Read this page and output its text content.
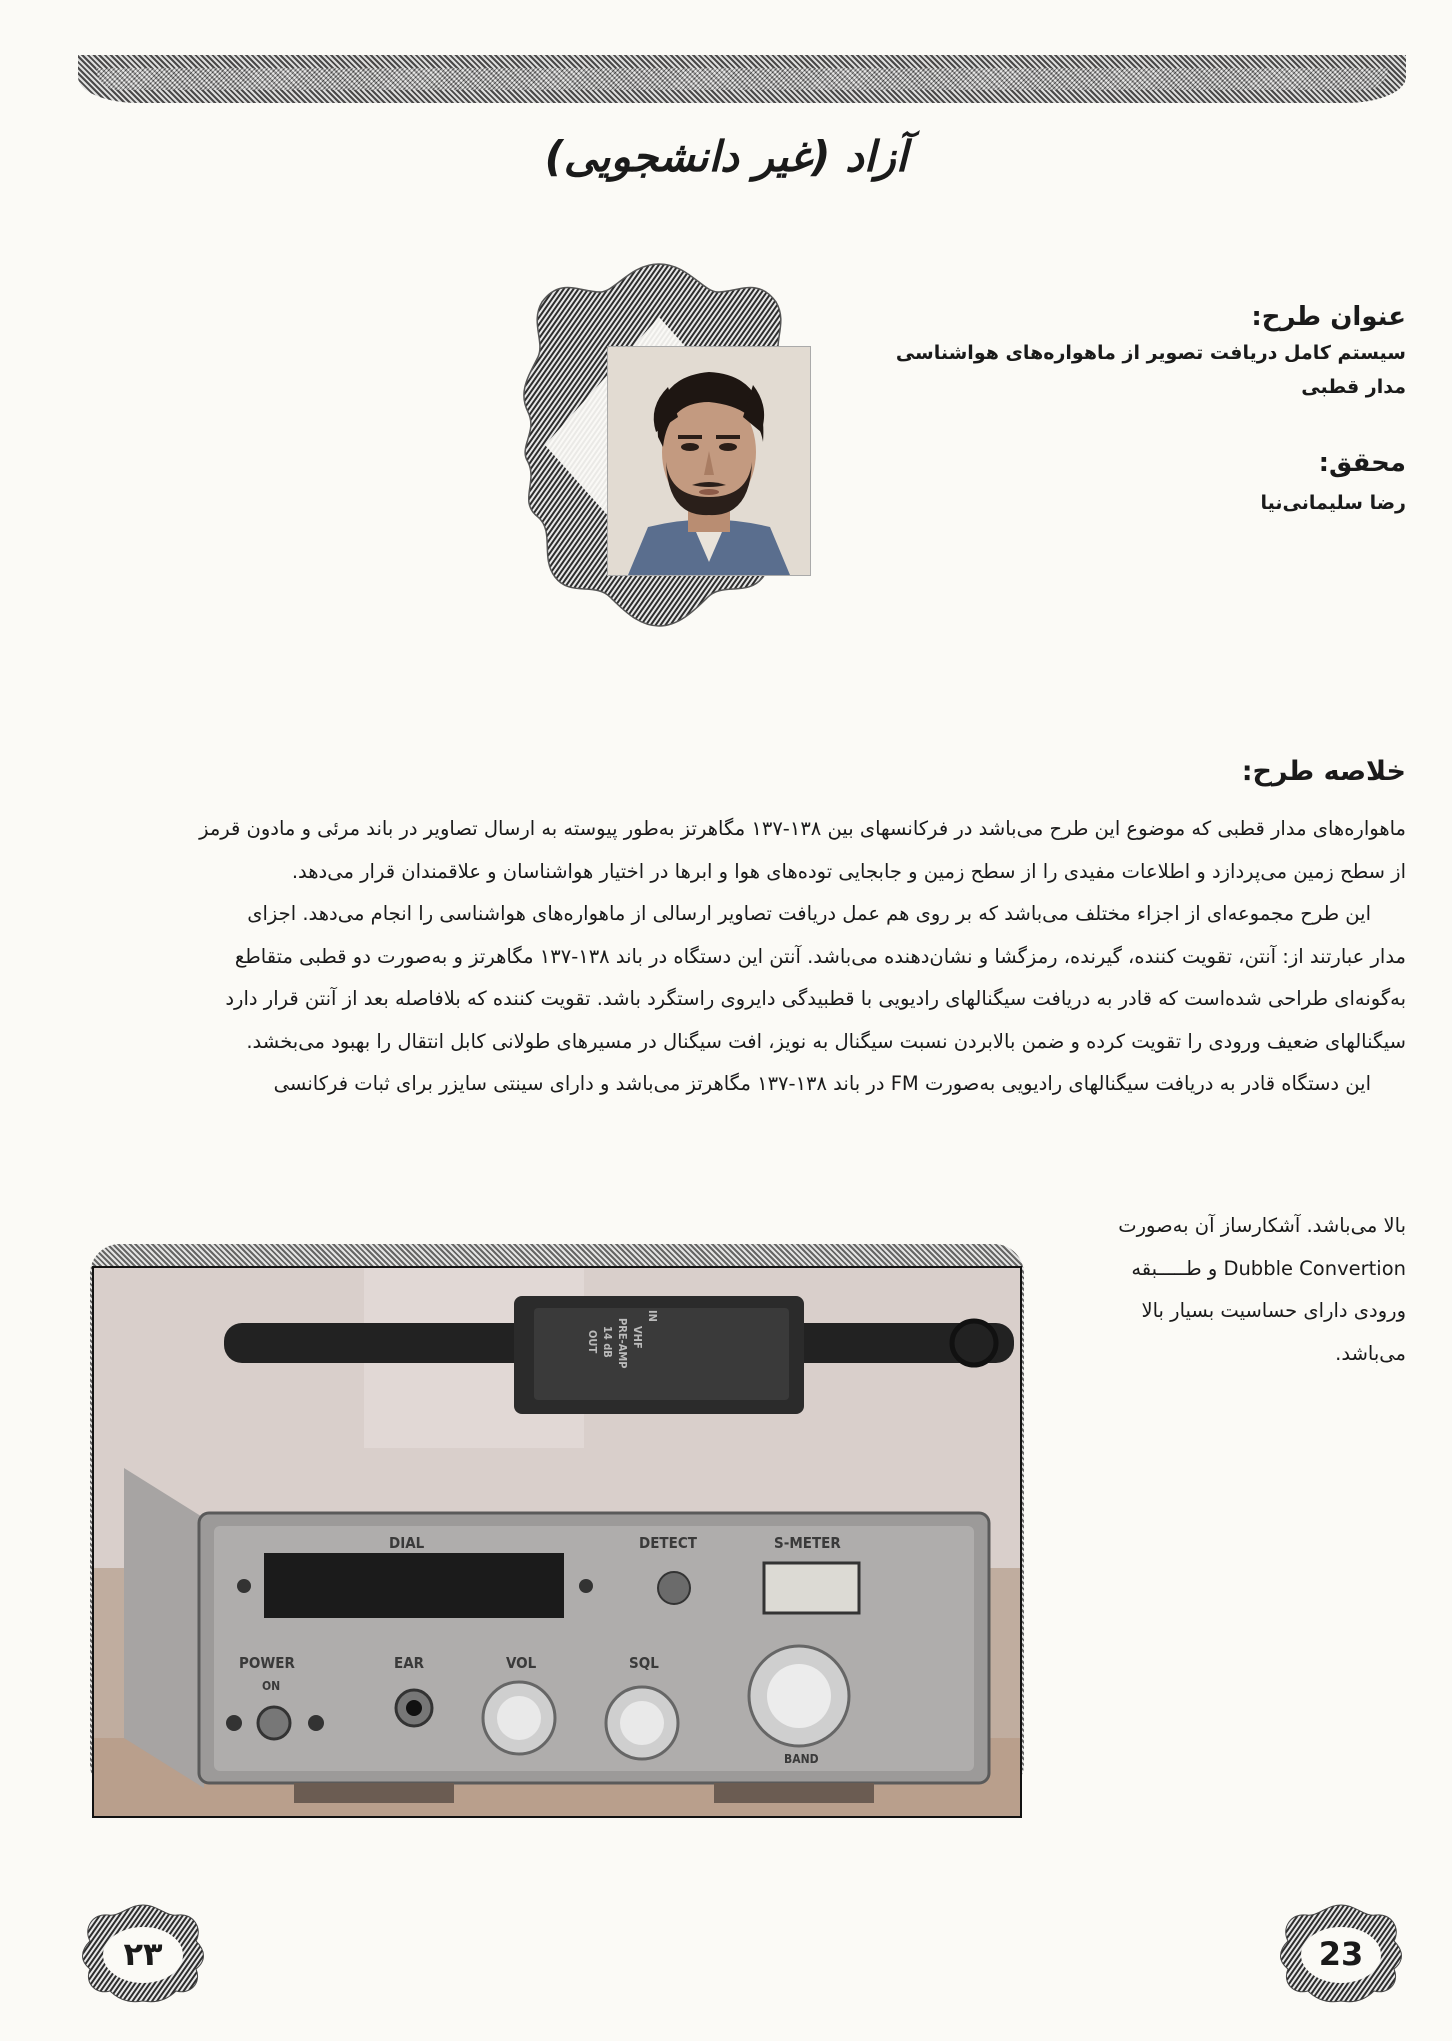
آزاد (غیر دانشجویی)
عنوان طرح:
سیستم کامل دریافت تصویر از ماهواره‌های هواشناسی
مدار قطبی
محقق:
رضا سلیمانی‌نیا
خلاصه طرح:

ماهواره‌های مدار قطبی که موضوع این طرح می‌باشد در فرکانسهای بین ۱۳۸-۱۳۷ مگاهرتز به‌طور پیوسته به ارسال تصاویر در باند مرئی و مادون قرمز

از سطح زمین می‌پردازد و اطلاعات مفیدی را از سطح زمین و جابجایی توده‌های هوا و ابرها در اختیار هواشناسان و علاقمندان قرار می‌دهد.

این طرح مجموعه‌ای از اجزاء مختلف می‌باشد که بر روی هم عمل دریافت تصاویر ارسالی از ماهواره‌های هواشناسی را انجام می‌دهد. اجزای

مدار عبارتند از: آنتن، تقویت کننده، گیرنده، رمزگشا و نشان‌دهنده می‌باشد. آنتن این دستگاه در باند ۱۳۸-۱۳۷ مگاهرتز و به‌صورت دو قطبی متقاطع

به‌گونه‌ای طراحی شده‌است که قادر به دریافت سیگنالهای رادیویی با قطبیدگی دایروی راستگرد باشد. تقویت کننده که بلافاصله بعد از آنتن قرار دارد

سیگنالهای ضعیف ورودی را تقویت کرده و ضمن بالابردن نسبت سیگنال به نویز، افت سیگنال در مسیرهای طولانی کابل انتقال را بهبود می‌بخشد.

این دستگاه قادر به دریافت سیگنالهای رادیویی به‌صورت FM در باند ۱۳۸-۱۳۷ مگاهرتز می‌باشد و دارای سینتی سایزر برای ثبات فرکانسی

بالا می‌باشد. آشکارساز آن به‌صورت
Dubble Convertion و طـــــبقه
ورودی دارای حساسیت بسیار بالا
می‌باشد.
IN
VHF
PRE-AMP
14 dB
OUT
DIAL	DETECT	S-METER
POWER
ON
EAR	VOL	SQL
BAND
۲۳	23
